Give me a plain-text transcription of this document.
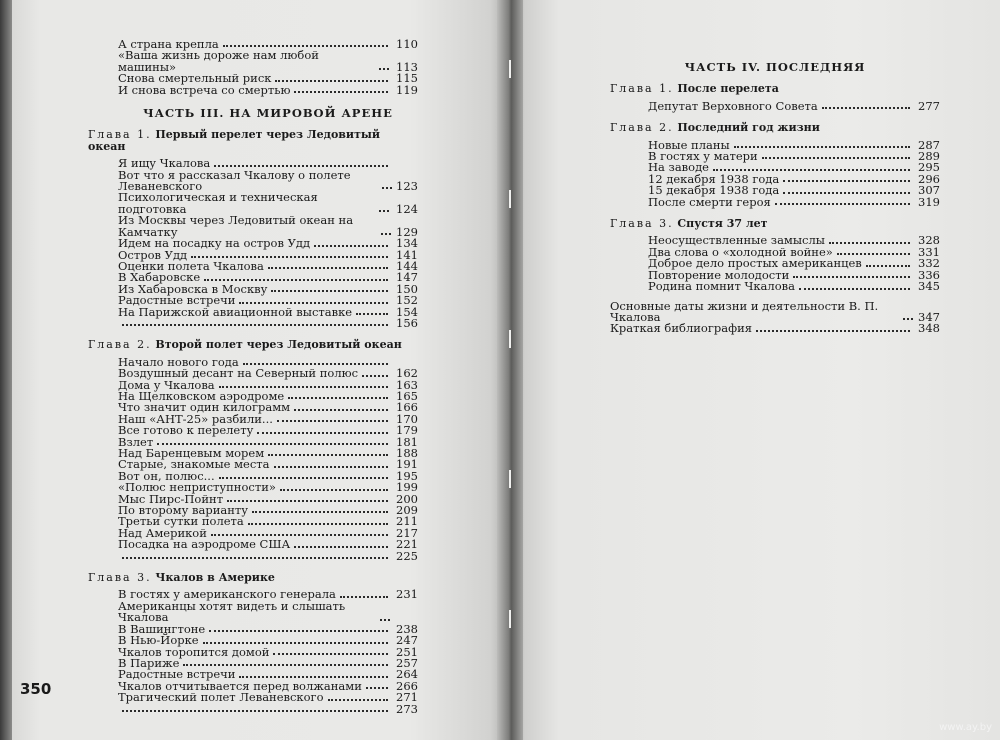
А страна крепла	110
«Ваша жизнь дороже нам любой машины»	113
Снова смертельный риск	115
И снова встреча со смертью	119
ЧАСТЬ III. НА МИРОВОЙ АРЕНЕ
Глава 1. Первый перелет через Ледовитый океан
Я ищу Чкалова
Вот что я рассказал Чкалову о полете Леваневского	123
Психологическая и техническая подготовка	124
Из Москвы через Ледовитый океан на Камчатку	129
Идем на посадку на остров Удд	134
Остров Удд	141
Оценки полета Чкалова	144
В Хабаровске	147
Из Хабаровска в Москву	150
Радостные встречи	152
На Парижской авиационной выставке	154
156
Глава 2. Второй полет через Ледовитый океан
Начало нового года
Воздушный десант на Северный полюс	162
Дома у Чкалова	163
На Щелковском аэродроме	165
Что значит один килограмм	166
Наш «АНТ-25» разбили...	170
Все готово к перелету	179
Взлет	181
Над Баренцевым морем	188
Старые, знакомые места	191
Вот он, полюс...	195
«Полюс неприступности»	199
Мыс Пирс-Пойнт	200
По второму варианту	209
Третьи сутки полета	211
Над Америкой	217
Посадка на аэродроме США	221
225
Глава 3. Чкалов в Америке
В гостях у американского генерала	231
Американцы хотят видеть и слышать Чкалова
В Вашингтоне	238
В Нью-Йорке	247
Чкалов торопится домой	251
В Париже	257
Радостные встречи	264
Чкалов отчитывается перед волжанами	266
Трагический полет Леваневского	271
273
ЧАСТЬ IV. ПОСЛЕДНЯЯ
Глава 1. После перелета
Депутат Верховного Совета	277
Глава 2. Последний год жизни
Новые планы	287
В гостях у матери	289
На заводе	295
12 декабря 1938 года	296
15 декабря 1938 года	307
После смерти героя	319
Глава 3. Спустя 37 лет
Неосуществленные замыслы	328
Два слова о «холодной войне»	331
Доброе дело простых американцев	332
Повторение молодости	336
Родина помнит Чкалова	345
Основные даты жизни и деятельности В. П. Чкалова	347
Краткая библиография	348
350
www.ay.by
